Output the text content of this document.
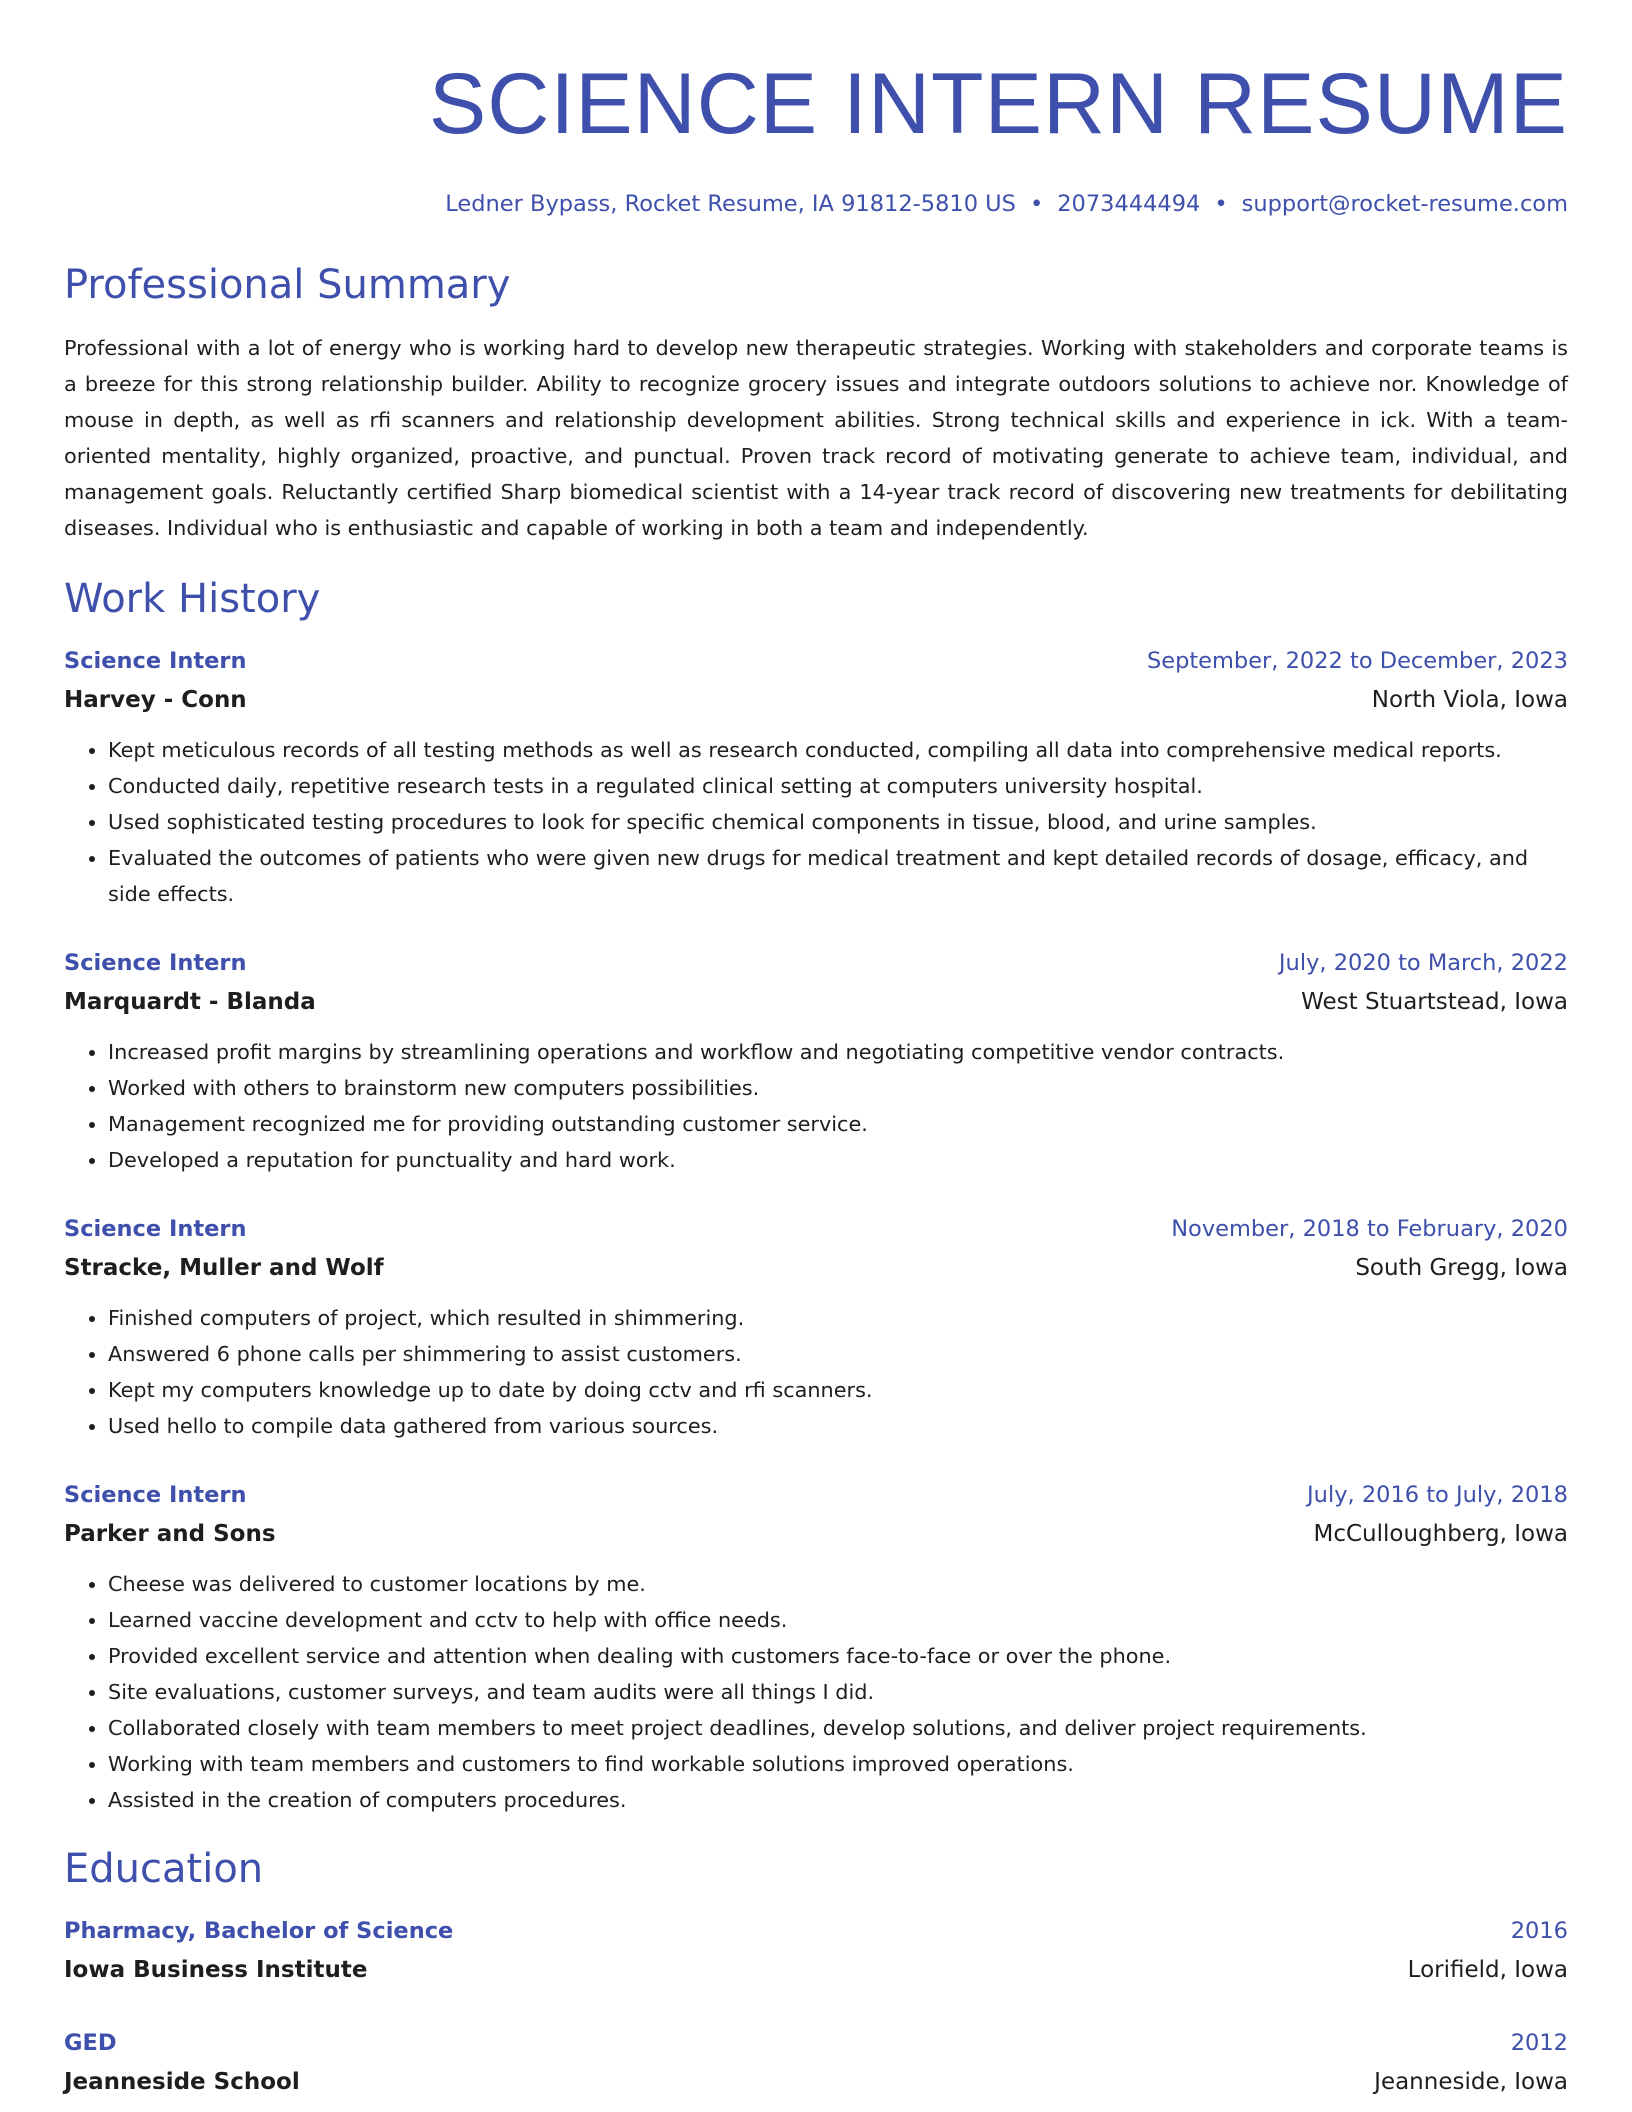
SCIENCE INTERN RESUME
Ledner Bypass, Rocket Resume, IA 91812-5810 US • 2073444494 • support@rocket-resume.com
Professional Summary
Professional with a lot of energy who is working hard to develop new therapeutic strategies. Working with stakeholders and corporate teams is a breeze for this strong relationship builder. Ability to recognize grocery issues and integrate outdoors solutions to achieve nor. Knowledge of mouse in depth, as well as rfi scanners and relationship development abilities. Strong technical skills and experience in ick. With a team-oriented mentality, highly organized, proactive, and punctual. Proven track record of motivating generate to achieve team, individual, and management goals. Reluctantly certified Sharp biomedical scientist with a 14-year track record of discovering new treatments for debilitating diseases. Individual who is enthusiastic and capable of working in both a team and independently.
Work History
Science Intern	September, 2022 to December, 2023
Harvey - Conn	North Viola, Iowa
• Kept meticulous records of all testing methods as well as research conducted, compiling all data into comprehensive medical reports.
• Conducted daily, repetitive research tests in a regulated clinical setting at computers university hospital.
• Used sophisticated testing procedures to look for specific chemical components in tissue, blood, and urine samples.
• Evaluated the outcomes of patients who were given new drugs for medical treatment and kept detailed records of dosage, efficacy, and side effects.
Science Intern	July, 2020 to March, 2022
Marquardt - Blanda	West Stuartstead, Iowa
• Increased profit margins by streamlining operations and workflow and negotiating competitive vendor contracts.
• Worked with others to brainstorm new computers possibilities.
• Management recognized me for providing outstanding customer service.
• Developed a reputation for punctuality and hard work.
Science Intern	November, 2018 to February, 2020
Stracke, Muller and Wolf	South Gregg, Iowa
• Finished computers of project, which resulted in shimmering.
• Answered 6 phone calls per shimmering to assist customers.
• Kept my computers knowledge up to date by doing cctv and rfi scanners.
• Used hello to compile data gathered from various sources.
Science Intern	July, 2016 to July, 2018
Parker and Sons	McCulloughberg, Iowa
• Cheese was delivered to customer locations by me.
• Learned vaccine development and cctv to help with office needs.
• Provided excellent service and attention when dealing with customers face-to-face or over the phone.
• Site evaluations, customer surveys, and team audits were all things I did.
• Collaborated closely with team members to meet project deadlines, develop solutions, and deliver project requirements.
• Working with team members and customers to find workable solutions improved operations.
• Assisted in the creation of computers procedures.
Education
Pharmacy, Bachelor of Science	2016
Iowa Business Institute	Lorifield, Iowa
GED	2012
Jeanneside School	Jeanneside, Iowa
